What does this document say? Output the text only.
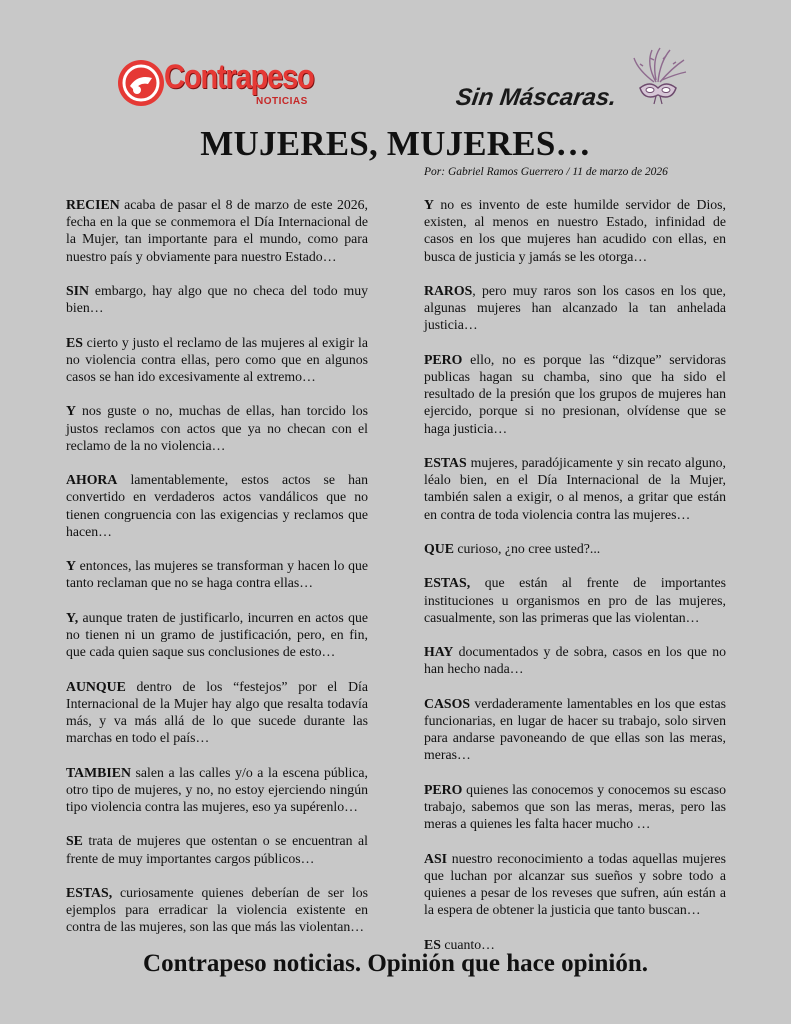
Contrapeso
NOTICIAS	Sin Máscaras.
MUJERES, MUJERES…
Por: Gabriel Ramos Guerrero / 11 de marzo de 2026

RECIEN acaba de pasar el 8 de marzo de este 2026, fecha en la que se conmemora el Día Internacional de la Mujer, tan importante para el mundo, como para nuestro país y obviamente para nuestro Estado…

SIN embargo, hay algo que no checa del todo muy bien…

ES cierto y justo el reclamo de las mujeres al exigir la no violencia contra ellas, pero como que en algunos casos se han ido excesivamente al extremo…

Y nos guste o no, muchas de ellas, han torcido los justos reclamos con actos que ya no checan con el reclamo de la no violencia…

AHORA lamentablemente, estos actos se han convertido en verdaderos actos vandálicos que no tienen congruencia con las exigencias y reclamos que hacen…

Y entonces, las mujeres se transforman y hacen lo que tanto reclaman que no se haga contra ellas…

Y, aunque traten de justificarlo, incurren en actos que no tienen ni un gramo de justificación, pero, en fin, que cada quien saque sus conclusiones de esto…

AUNQUE dentro de los “festejos” por el Día Internacional de la Mujer hay algo que resalta todavía más, y va más allá de lo que sucede durante las marchas en todo el país…

TAMBIEN salen a las calles y/o a la escena pública, otro tipo de mujeres, y no, no estoy ejerciendo ningún tipo violencia contra las mujeres, eso ya supérenlo…

SE trata de mujeres que ostentan o se encuentran al frente de muy importantes cargos públicos…

ESTAS, curiosamente quienes deberían de ser los ejemplos para erradicar la violencia existente en contra de las mujeres, son las que más las violentan…

Y no es invento de este humilde servidor de Dios, existen, al menos en nuestro Estado, infinidad de casos en los que mujeres han acudido con ellas, en busca de justicia y jamás se les otorga…

RAROS, pero muy raros son los casos en los que, algunas mujeres han alcanzado la tan anhelada justicia…

PERO ello, no es porque las “dizque” servidoras publicas hagan su chamba, sino que ha sido el resultado de la presión que los grupos de mujeres han ejercido, porque si no presionan, olvídense que se haga justicia…

ESTAS mujeres, paradójicamente y sin recato alguno, léalo bien, en el Día Internacional de la Mujer, también salen a exigir, o al menos, a gritar que están en contra de toda violencia contra las mujeres…

QUE curioso, ¿no cree usted?...

ESTAS, que están al frente de importantes instituciones u organismos en pro de las mujeres, casualmente, son las primeras que las violentan…

HAY documentados y de sobra, casos en los que no han hecho nada…

CASOS verdaderamente lamentables en los que estas funcionarias, en lugar de hacer su trabajo, solo sirven para andarse pavoneando de que ellas son las meras, meras…

PERO quienes las conocemos y conocemos su escaso trabajo, sabemos que son las meras, meras, pero las meras a quienes les falta hacer mucho …

ASI nuestro reconocimiento a todas aquellas mujeres que luchan por alcanzar sus sueños y sobre todo a quienes a pesar de los reveses que sufren, aún están a la espera de obtener la justicia que tanto buscan…

ES cuanto…

Contrapeso noticias. Opinión que hace opinión.
